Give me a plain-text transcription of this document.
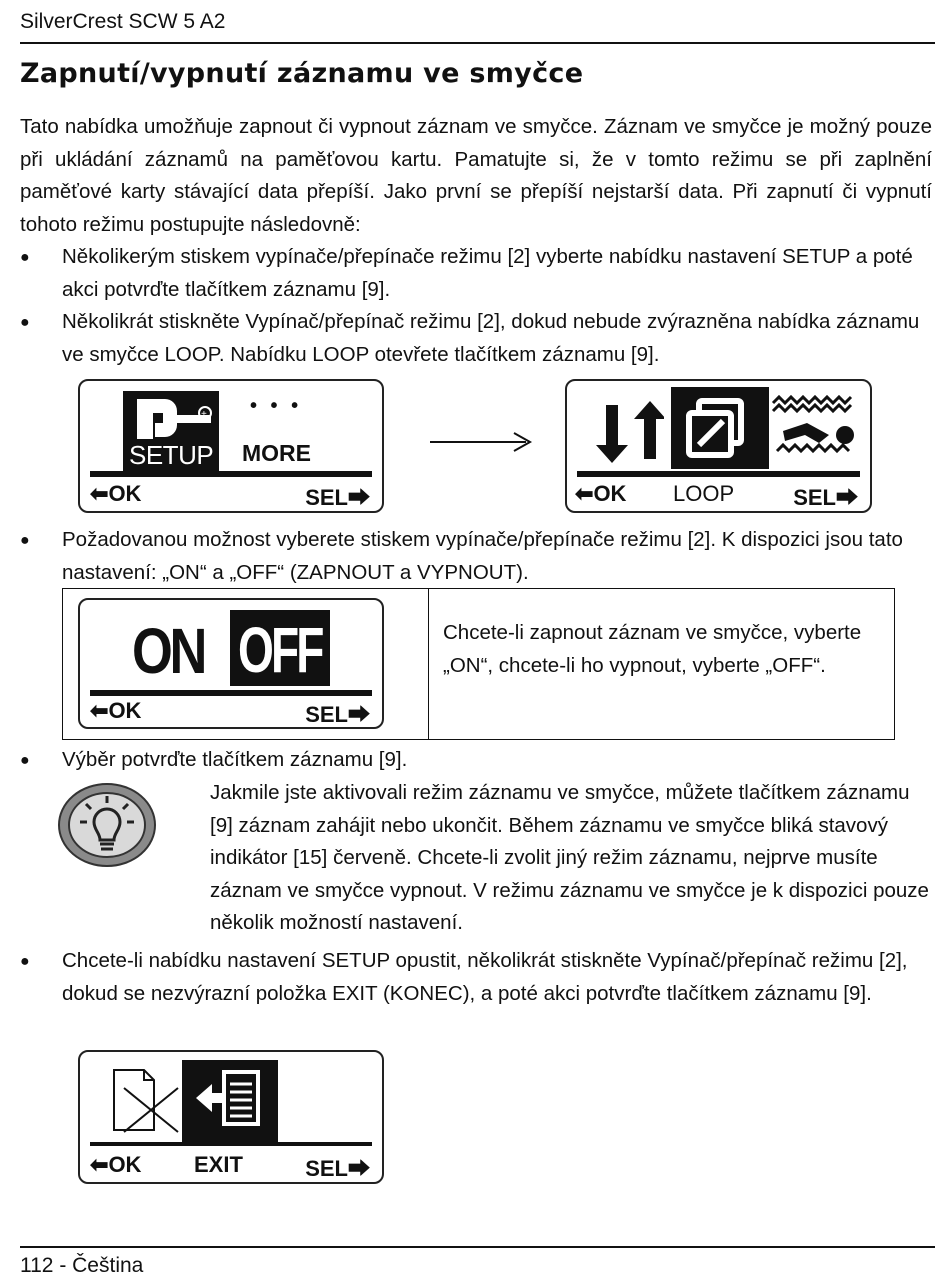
SilverCrest SCW 5 A2
Zapnutí/vypnutí záznamu ve smyčce
Tato nabídka umožňuje zapnout či vypnout záznam ve smyčce. Záznam ve smyčce je možný pouze při ukládání záznamů na paměťovou kartu. Pamatujte si, že v tomto režimu se při zaplnění paměťové karty stávající data přepíší. Jako první se přepíší nejstarší data. Při zapnutí či vypnutí tohoto režimu postupujte následovně:
● Několikerým stiskem vypínače/přepínače režimu [2] vyberte nabídku nastavení SETUP a poté akci potvrďte tlačítkem záznamu [9].
● Několikrát stiskněte Vypínač/přepínač režimu [2], dokud nebude zvýrazněna nabídka záznamu ve smyčce LOOP. Nabídku LOOP otevřete tlačítkem záznamu [9].
+
SETUP
• • •
MORE
⬅OK	SEL⮕	⬅OK LOOP	SEL⮕
● Požadovanou možnost vyberete stiskem vypínače/přepínače režimu [2]. K dispozici jsou tato nastavení: „ON“ a „OFF“ (ZAPNOUT a VYPNOUT).
ON OFF
⬅OK	SEL⮕
Chcete-li zapnout záznam ve smyčce, vyberte „ON“, chcete-li ho vypnout, vyberte „OFF“.
● Výběr potvrďte tlačítkem záznamu [9].
Jakmile jste aktivovali režim záznamu ve smyčce, můžete tlačítkem záznamu [9] záznam zahájit nebo ukončit. Během záznamu ve smyčce bliká stavový indikátor [15] červeně. Chcete-li zvolit jiný režim záznamu, nejprve musíte záznam ve smyčce vypnout. V režimu záznamu ve smyčce je k dispozici pouze několik možností nastavení.
● Chcete-li nabídku nastavení SETUP opustit, několikrát stiskněte Vypínač/přepínač režimu [2], dokud se nezvýrazní položka EXIT (KONEC), a poté akci potvrďte tlačítkem záznamu [9].
⬅OK EXIT	SEL⮕
112 - Čeština
